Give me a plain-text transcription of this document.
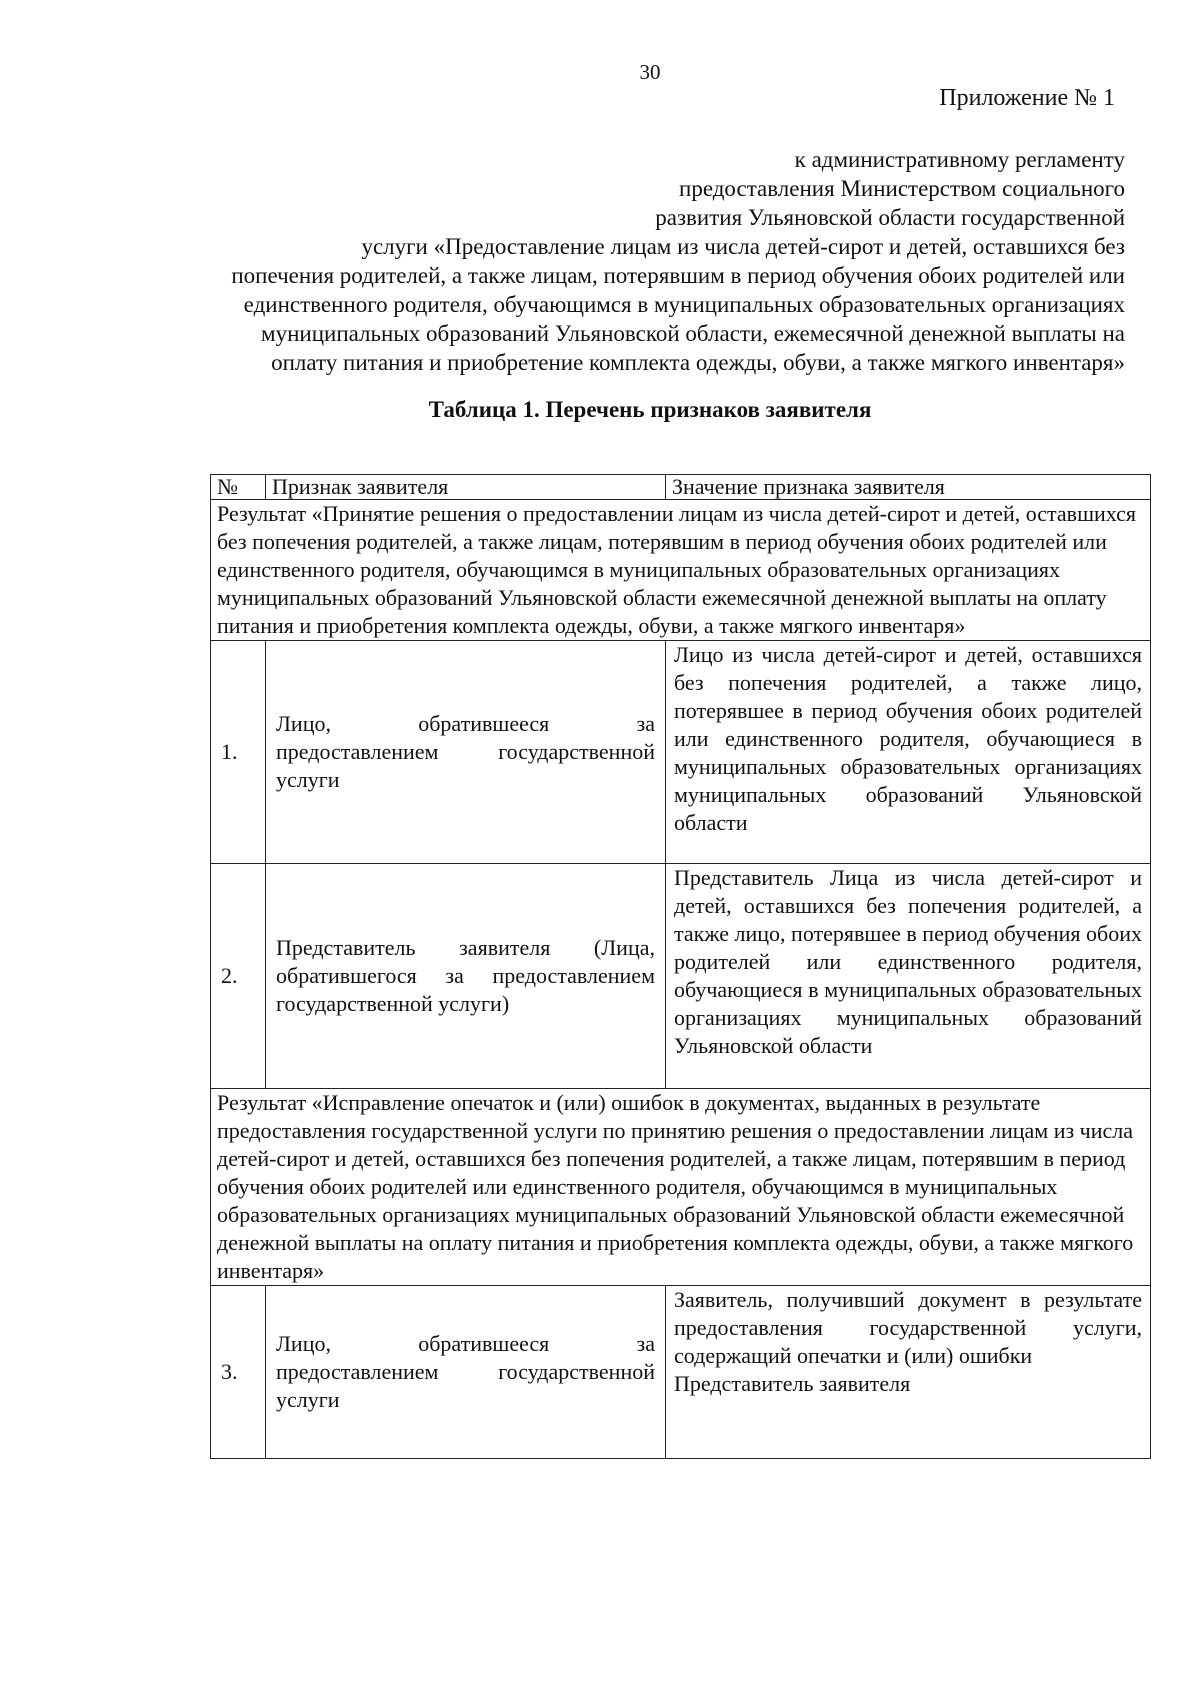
30
Приложение № 1
к административному регламенту
предоставления Министерством социального
развития Ульяновской области государственной
услуги «Предоставление лицам из числа детей-сирот и детей, оставшихся без
попечения родителей, а также лицам, потерявшим в период обучения обоих родителей или
единственного родителя, обучающимся в муниципальных образовательных организациях
муниципальных образований Ульяновской области, ежемесячной денежной выплаты на
оплату питания и приобретение комплекта одежды, обуви, а также мягкого инвентаря»
Таблица 1. Перечень признаков заявителя
№	Признак заявителя	Значение признака заявителя
Результат «Принятие решения о предоставлении лицам из числа детей-сирот и детей, оставшихся без попечения родителей, а также лицам, потерявшим в период обучения обоих родителей или единственного родителя, обучающимся в муниципальных образовательных организациях муниципальных образований Ульяновской области ежемесячной денежной выплаты на оплату питания и приобретения комплекта одежды, обуви, а также мягкого инвентаря»		
1.	Лицо, обратившееся за предоставлением государственной услуги	Лицо из числа детей-сирот и детей, оставшихся без попечения родителей, а также лицо, потерявшее в период обучения обоих родителей или единственного родителя, обучающиеся в муниципальных образовательных организациях муниципальных образований Ульяновской области
2.	Представитель заявителя (Лица, обратившегося за предоставлением государственной услуги)	Представитель Лица из числа детей-сирот и детей, оставшихся без попечения родителей, а также лицо, потерявшее в период обучения обоих родителей или единственного родителя, обучающиеся в муниципальных образовательных организациях муниципальных образований Ульяновской области
Результат «Исправление опечаток и (или) ошибок в документах, выданных в результате предоставления государственной услуги по принятию решения о предоставлении лицам из числа детей-сирот и детей, оставшихся без попечения родителей, а также лицам, потерявшим в период обучения обоих родителей или единственного родителя, обучающимся в муниципальных образовательных организациях муниципальных образований Ульяновской области ежемесячной денежной выплаты на оплату питания и приобретения комплекта одежды, обуви, а также мягкого инвентаря»		
3.	Лицо, обратившееся за предоставлением государственной услуги	Заявитель, получивший документ в результате предоставления государственной услуги, содержащий опечатки и (или) ошибки
Представитель заявителя
